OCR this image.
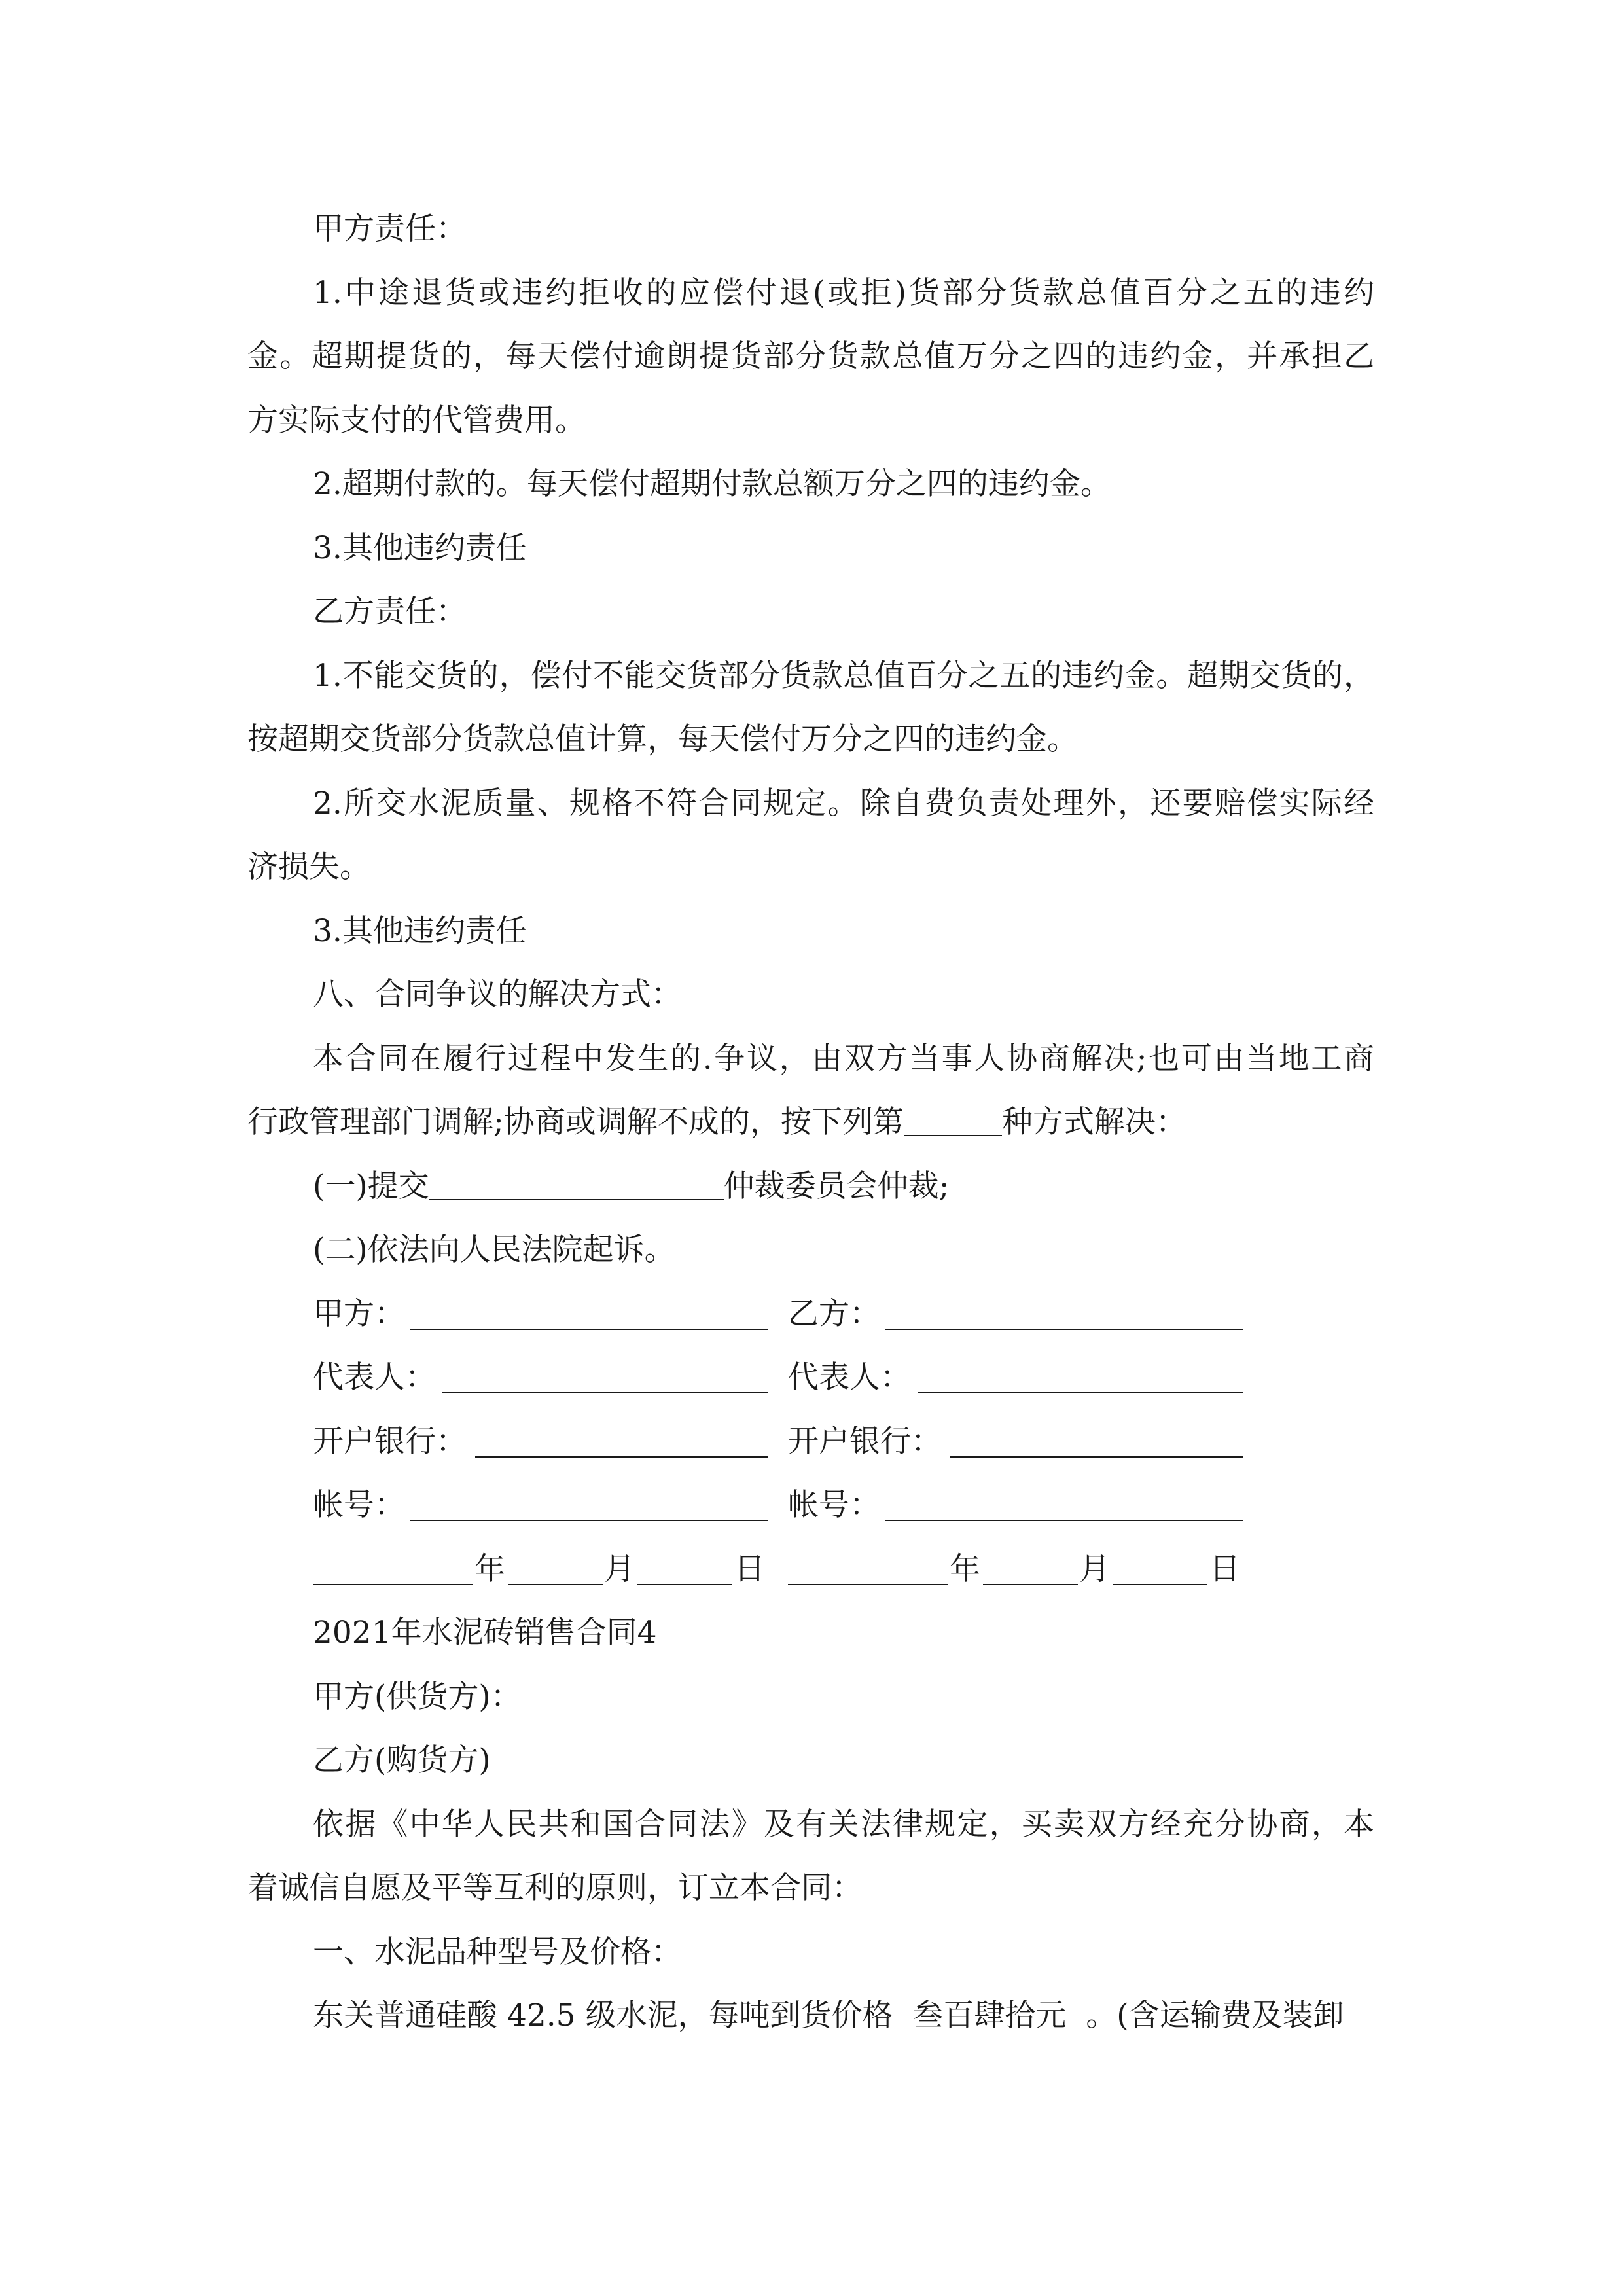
甲方责任：
1.中途退货或违约拒收的应偿付退(或拒)货部分货款总值百分之五的违约
金。超期提货的，每天偿付逾朗提货部分货款总值万分之四的违约金，并承担乙
方实际支付的代管费用。
2.超期付款的。每天偿付超期付款总额万分之四的违约金。
3.其他违约责任
乙方责任：
1.不能交货的，偿付不能交货部分货款总值百分之五的违约金。超期交货的，
按超期交货部分货款总值计算，每天偿付万分之四的违约金。
2.所交水泥质量、规格不符合同规定。除自费负责处理外，还要赔偿实际经
济损失。
3.其他违约责任
八、合同争议的解决方式：
本合同在履行过程中发生的.争议，由双方当事人协商解决;也可由当地工商
行政管理部门调解;协商或调解不成的，按下列第	种方式解决：
(一)提交	仲裁委员会仲裁;
(二)依法向人民法院起诉。
甲方：	乙方：
代表人：	代表人：
开户银行：	开户银行：
帐号：	帐号：
年	月	日	年	月	日
2021年水泥砖销售合同4
甲方(供货方)：
乙方(购货方)
依据《中华人民共和国合同法》及有关法律规定，买卖双方经充分协商，本
着诚信自愿及平等互利的原则，订立本合同：
一、水泥品种型号及价格：
东关普通硅酸 42.5 级水泥，每吨到货价格 叁百肆拾元 。(含运输费及装卸
